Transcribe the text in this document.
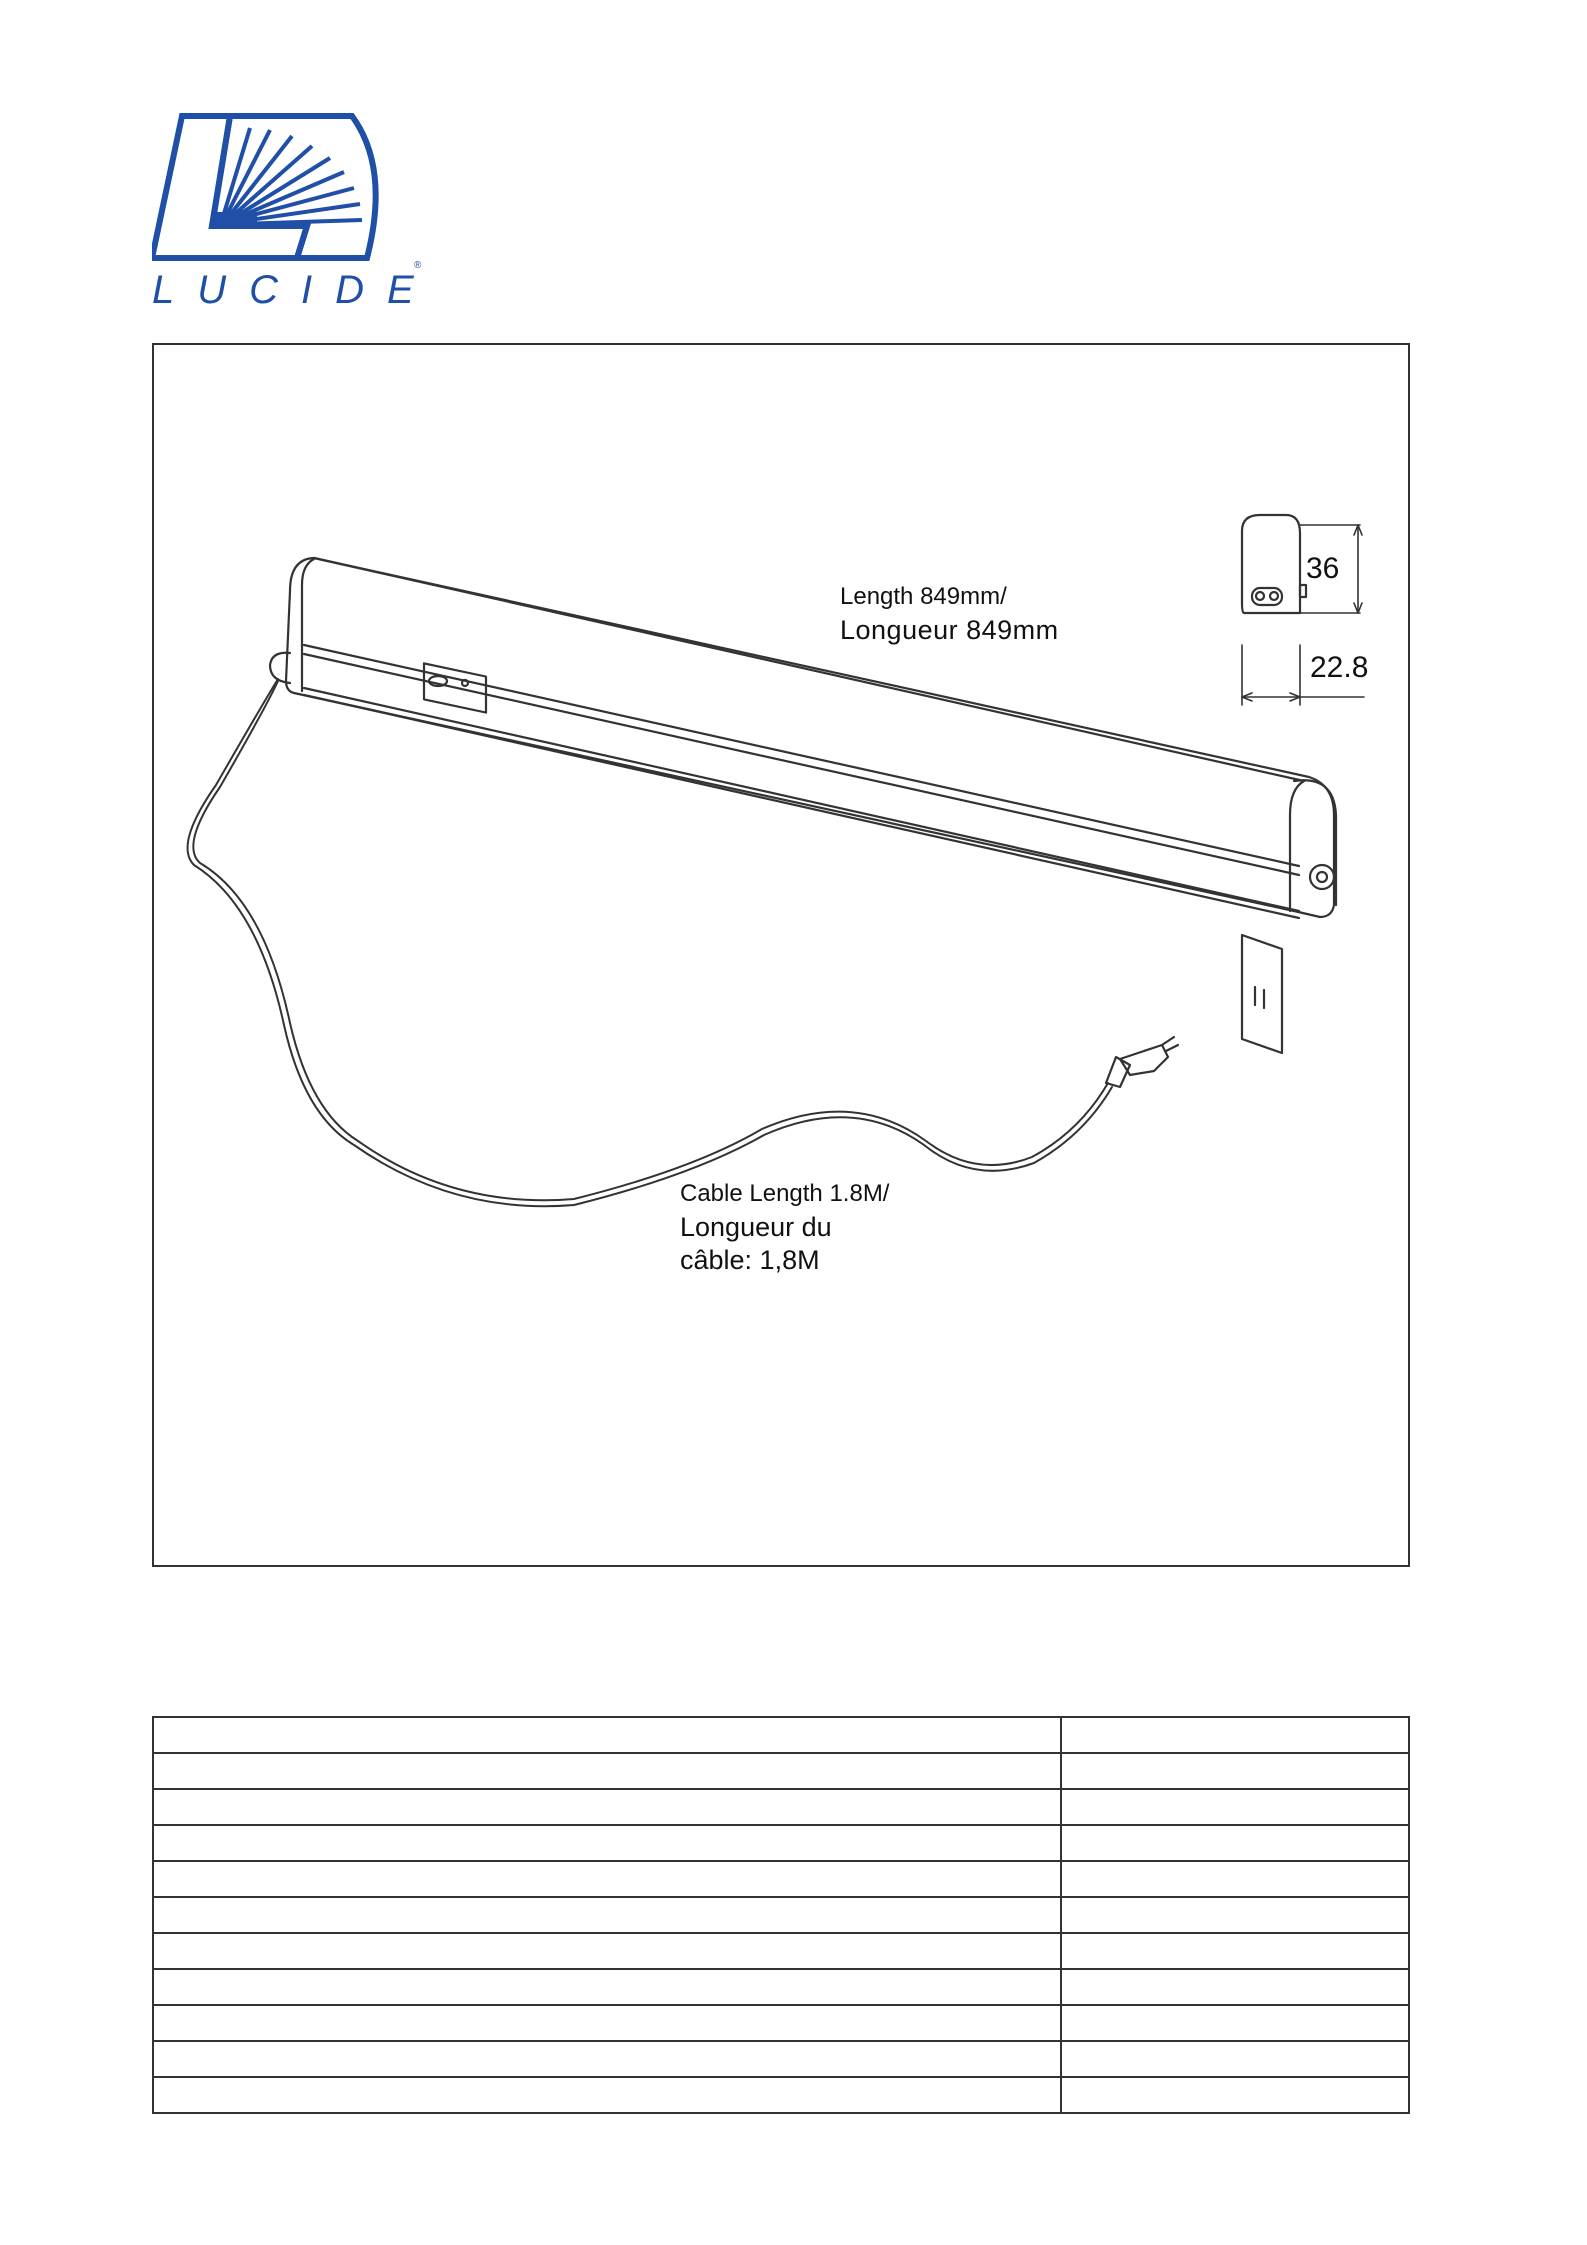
LUCIDE
®
Length 849mm/
Longueur 849mm
36
22.8
Cable Length 1.8M/
Longueur du
câble: 1,8M
